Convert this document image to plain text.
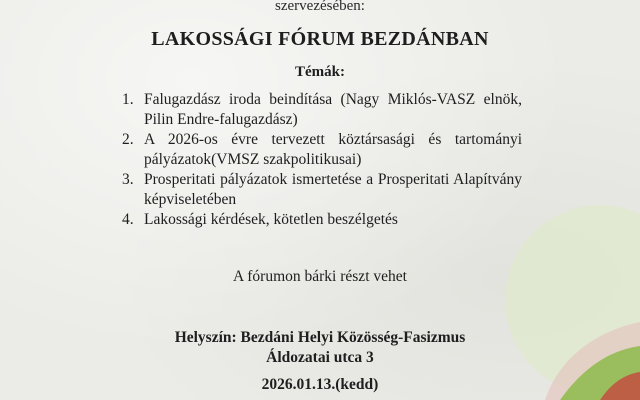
szervezésében:
LAKOSSÁGI FÓRUM BEZDÁNBAN
Témák:
1. Falugazdász iroda beindítása (Nagy Miklós-VASZ elnök, Pilin Endre-falugazdász)
2. A 2026-os évre tervezett köztársasági és tartományi pályázatok(VMSZ szakpolitikusai)
3. Prosperitati pályázatok ismertetése a Prosperitati Alapítvány képviseletében
4. Lakossági kérdések, kötetlen beszélgetés
A fórumon bárki részt vehet
Helyszín: Bezdáni Helyi Közösség-Fasizmus
Áldozatai utca 3
2026.01.13.(kedd)
